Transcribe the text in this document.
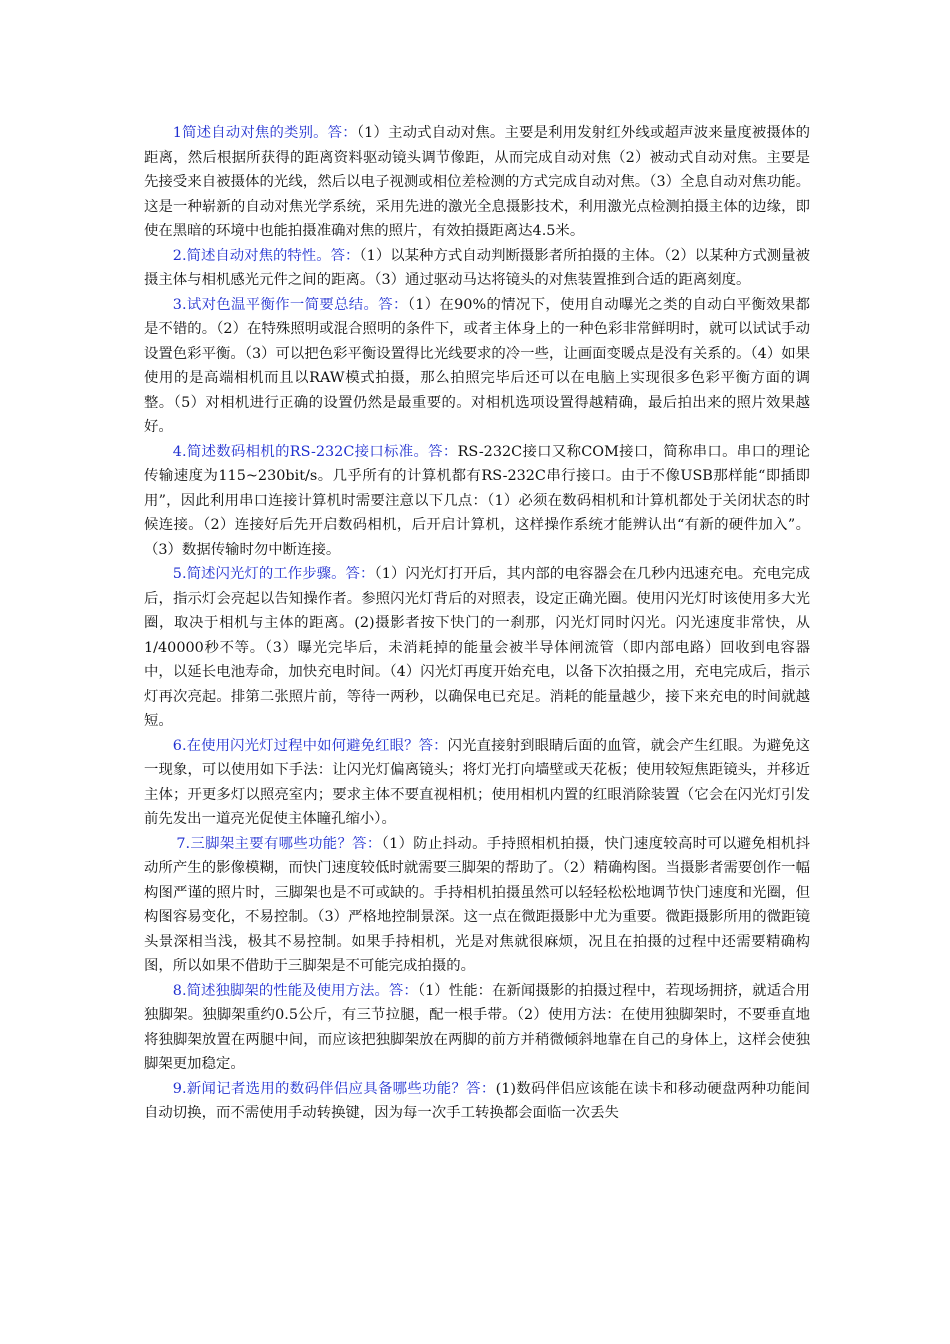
1简述自动对焦的类别。答：（1）主动式自动对焦。主要是利用发射红外线或超声波来量度被摄体的距离，然后根据所获得的距离资料驱动镜头调节像距，从而完成自动对焦（2）被动式自动对焦。主要是先接受来自被摄体的光线，然后以电子视测或相位差检测的方式完成自动对焦。（3）全息自动对焦功能。这是一种崭新的自动对焦光学系统，采用先进的激光全息摄影技术，利用激光点检测拍摄主体的边缘，即使在黑暗的环境中也能拍摄准确对焦的照片，有效拍摄距离达4.5米。

2.简述自动对焦的特性。答：（1）以某种方式自动判断摄影者所拍摄的主体。（2）以某种方式测量被摄主体与相机感光元件之间的距离。（3）通过驱动马达将镜头的对焦装置推到合适的距离刻度。

3.试对色温平衡作一简要总结。答：（1）在90%的情况下，使用自动曝光之类的自动白平衡效果都是不错的。（2）在特殊照明或混合照明的条件下，或者主体身上的一种色彩非常鲜明时，就可以试试手动设置色彩平衡。（3）可以把色彩平衡设置得比光线要求的冷一些，让画面变暖点是没有关系的。（4）如果使用的是高端相机而且以RAW模式拍摄，那么拍照完毕后还可以在电脑上实现很多色彩平衡方面的调整。（5）对相机进行正确的设置仍然是最重要的。对相机选项设置得越精确，最后拍出来的照片效果越好。

4.简述数码相机的RS-232C接口标准。答：RS-232C接口又称COM接口，简称串口。串口的理论传输速度为115~230bit/s。几乎所有的计算机都有RS-232C串行接口。由于不像USB那样能“即插即用”，因此利用串口连接计算机时需要注意以下几点：（1）必须在数码相机和计算机都处于关闭状态的时候连接。（2）连接好后先开启数码相机，后开启计算机，这样操作系统才能辨认出“有新的硬件加入”。（3）数据传输时勿中断连接。

5.简述闪光灯的工作步骤。答：（1）闪光灯打开后，其内部的电容器会在几秒内迅速充电。充电完成后，指示灯会亮起以告知操作者。参照闪光灯背后的对照表，设定正确光圈。使用闪光灯时该使用多大光圈，取决于相机与主体的距离。(2)摄影者按下快门的一刹那，闪光灯同时闪光。闪光速度非常快，从1/40000秒不等。（3）曝光完毕后，未消耗掉的能量会被半导体闸流管（即内部电路）回收到电容器中，以延长电池寿命，加快充电时间。（4）闪光灯再度开始充电，以备下次拍摄之用，充电完成后，指示灯再次亮起。排第二张照片前，等待一两秒，以确保电已充足。消耗的能量越少，接下来充电的时间就越短。

6.在使用闪光灯过程中如何避免红眼？答：闪光直接射到眼睛后面的血管，就会产生红眼。为避免这一现象，可以使用如下手法：让闪光灯偏离镜头；将灯光打向墙壁或天花板；使用较短焦距镜头，并移近主体；开更多灯以照亮室内；要求主体不要直视相机；使用相机内置的红眼消除装置（它会在闪光灯引发前先发出一道亮光促使主体瞳孔缩小）。

7.三脚架主要有哪些功能？答：（1）防止抖动。手持照相机拍摄，快门速度较高时可以避免相机抖动所产生的影像模糊，而快门速度较低时就需要三脚架的帮助了。（2）精确构图。当摄影者需要创作一幅构图严谨的照片时，三脚架也是不可或缺的。手持相机拍摄虽然可以轻轻松松地调节快门速度和光圈，但构图容易变化，不易控制。（3）严格地控制景深。这一点在微距摄影中尤为重要。微距摄影所用的微距镜头景深相当浅，极其不易控制。如果手持相机，光是对焦就很麻烦，况且在拍摄的过程中还需要精确构图，所以如果不借助于三脚架是不可能完成拍摄的。

8.简述独脚架的性能及使用方法。答：（1）性能：在新闻摄影的拍摄过程中，若现场拥挤，就适合用独脚架。独脚架重约0.5公斤，有三节拉腿，配一根手带。（2）使用方法：在使用独脚架时，不要垂直地将独脚架放置在两腿中间，而应该把独脚架放在两脚的前方并稍微倾斜地靠在自己的身体上，这样会使独脚架更加稳定。

9.新闻记者选用的数码伴侣应具备哪些功能？答：(1)数码伴侣应该能在读卡和移动硬盘两种功能间自动切换，而不需使用手动转换键，因为每一次手工转换都会面临一次丢失
